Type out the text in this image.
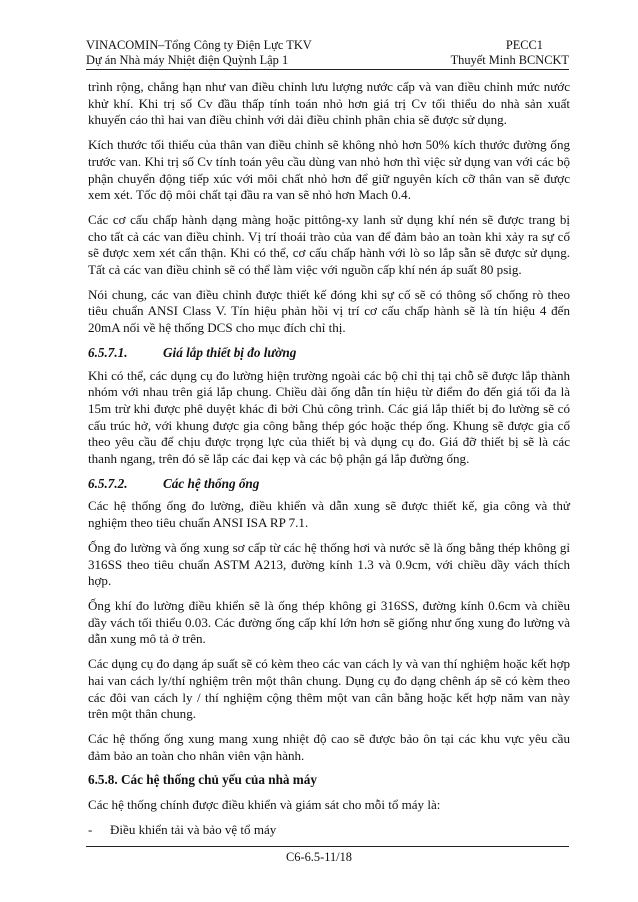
VINACOMIN–Tổng Công ty Điện Lực TKV	PECC1
Dự án Nhà máy Nhiệt điện Quỳnh Lập 1	Thuyết Minh BCNCKT

trình rộng, chẳng hạn như van điều chỉnh lưu lượng nước cấp và van điều chỉnh mức nước khử khí. Khi trị số Cv đầu thấp tính toán nhỏ hơn giá trị Cv tối thiểu do nhà sản xuất khuyến cáo thì hai van điều chỉnh với dải điều chỉnh phân chia sẽ được sử dụng.

Kích thước tối thiểu của thân van điều chỉnh sẽ không nhỏ hơn 50% kích thước đường ống trước van. Khi trị số Cv tính toán yêu cầu dùng van nhỏ hơn thì việc sử dụng van với các bộ phận chuyển động tiếp xúc với môi chất nhỏ hơn để giữ nguyên kích cỡ thân van sẽ được xem xét. Tốc độ môi chất tại đầu ra van sẽ nhỏ hơn Mach 0.4.

Các cơ cấu chấp hành dạng màng hoặc pittông-xy lanh sử dụng khí nén sẽ được trang bị cho tất cả các van điều chỉnh. Vị trí thoái trào của van để đảm bảo an toàn khi xảy ra sự cố sẽ được xem xét cẩn thận. Khi có thể, cơ cấu chấp hành với lò so lắp sẵn sẽ được sử dụng. Tất cả các van điều chỉnh sẽ có thể làm việc với nguồn cấp khí nén áp suất 80 psig.

Nói chung, các van điều chỉnh được thiết kế đóng khi sự cố sẽ có thông số chống rò theo tiêu chuẩn ANSI Class V. Tín hiệu phản hồi vị trí cơ cấu chấp hành sẽ là tín hiệu 4 đến 20mA nối về hệ thống DCS cho mục đích chỉ thị.

6.5.7.1.	Giá lắp thiết bị đo lường

Khi có thể, các dụng cụ đo lường hiện trường ngoài các bộ chỉ thị tại chỗ sẽ được lắp thành nhóm với nhau trên giá lắp chung. Chiều dài ống dẫn tín hiệu từ điểm đo đến giá tối đa là 15m trừ khi được phê duyệt khác đi bởi Chủ công trình. Các giá lắp thiết bị đo lường sẽ có cấu trúc hở, với khung được gia công bằng thép góc hoặc thép ống. Khung sẽ được gia cố theo yêu cầu để chịu được trọng lực của thiết bị và dụng cụ đo. Giá đỡ thiết bị sẽ là các thanh ngang, trên đó sẽ lắp các đai kẹp và các bộ phận gá lắp đường ống.

6.5.7.2.	Các hệ thống ống

Các hệ thống ống đo lường, điều khiển và dẫn xung sẽ được thiết kế, gia công và thử nghiệm theo tiêu chuẩn ANSI ISA RP 7.1.

Ống đo lường và ống xung sơ cấp từ các hệ thống hơi và nước sẽ là ống bằng thép không gỉ 316SS theo tiêu chuẩn ASTM A213, đường kính 1.3 và 0.9cm, với chiều dầy vách thích hợp.

Ống khí đo lường điều khiển sẽ là ống thép không gỉ 316SS, đường kính 0.6cm và chiều dầy vách tối thiểu 0.03. Các đường ống cấp khí lớn hơn sẽ giống như ống xung đo lường và dẫn xung mô tả ở trên.

Các dụng cụ đo dạng áp suất sẽ có kèm theo các van cách ly và van thí nghiệm hoặc kết hợp hai van cách ly/thí nghiệm trên một thân chung. Dụng cụ đo dạng chênh áp sẽ có kèm theo các đôi van cách ly / thí nghiệm cộng thêm một van cân bằng hoặc kết hợp năm van này trên một thân chung.

Các hệ thống ống xung mang xung nhiệt độ cao sẽ được bảo ôn tại các khu vực yêu cầu đảm bảo an toàn cho nhân viên vận hành.

6.5.8. Các hệ thống chủ yếu của nhà máy

Các hệ thống chính được điều khiển và giám sát cho mỗi tổ máy là:

-	Điều khiển tải và bảo vệ tổ máy
C6-6.5-11/18
